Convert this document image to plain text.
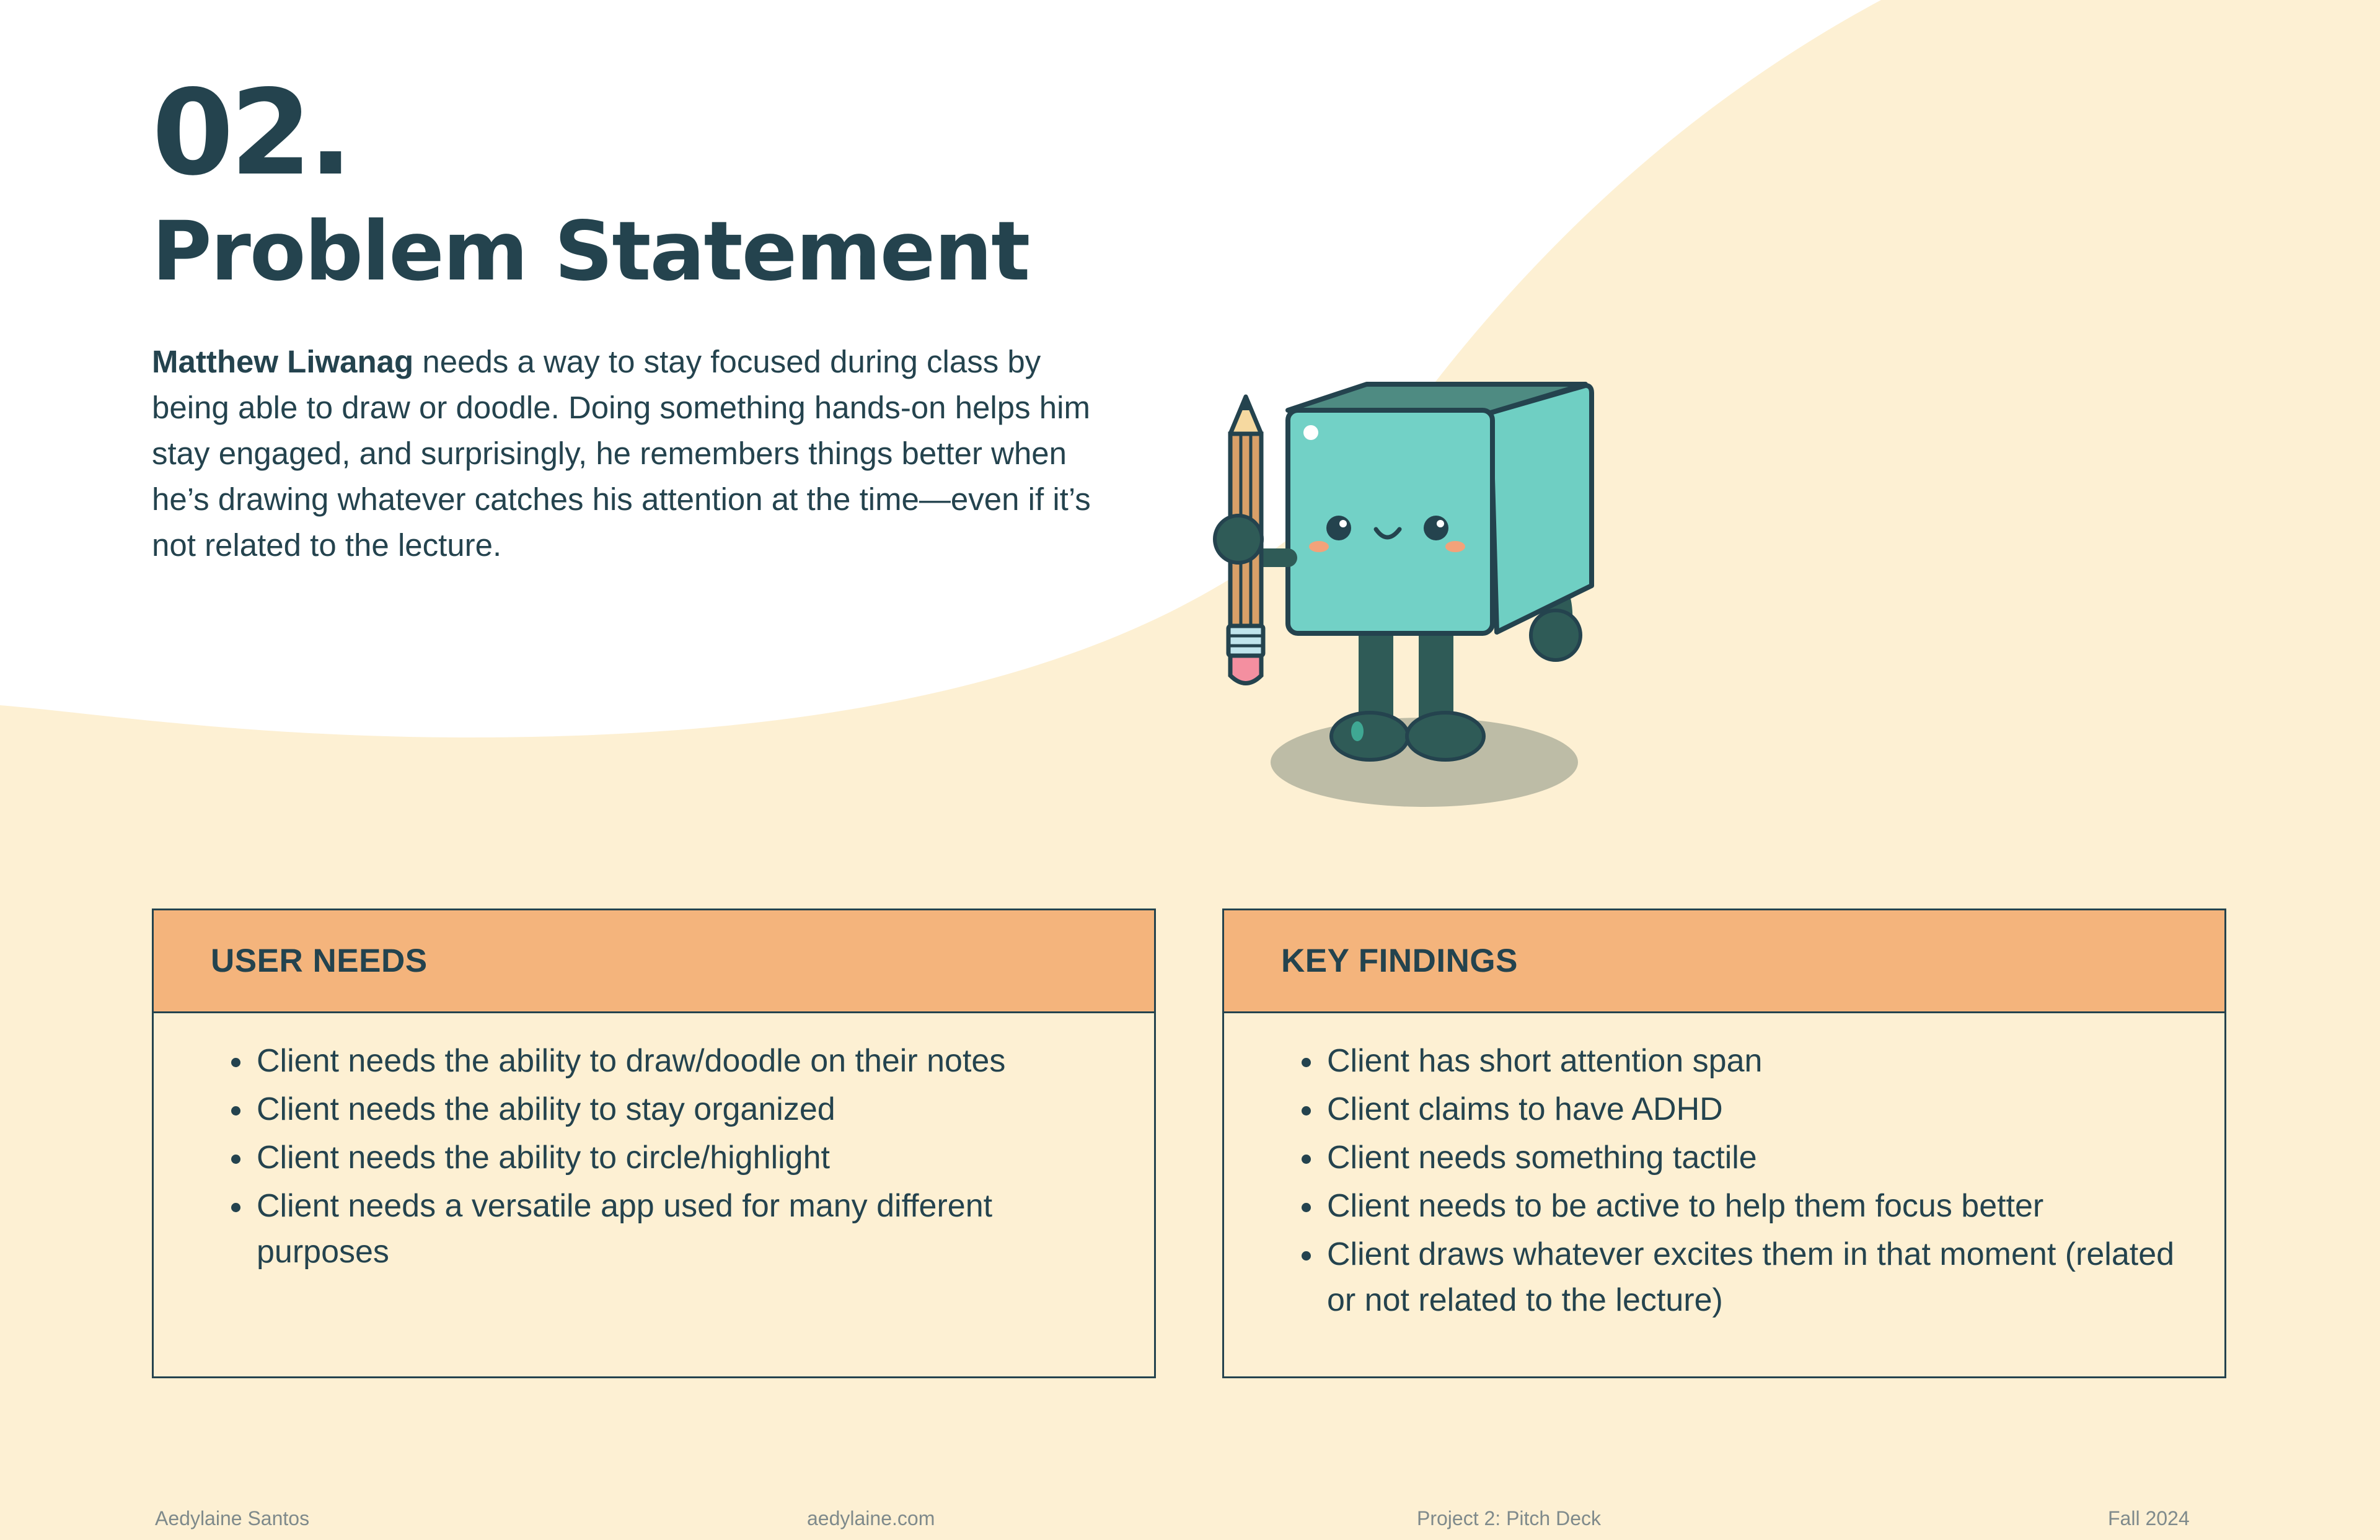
02.
Problem Statement

Matthew Liwanag needs a way to stay focused during class by being able to draw or doodle. Doing something hands-on helps him stay engaged, and surprisingly, he remembers things better when he’s drawing whatever catches his attention at the time—even if it’s not related to the lecture.

USER NEEDS
• Client needs the ability to draw/doodle on their notes
• Client needs the ability to stay organized
• Client needs the ability to circle/highlight
• Client needs a versatile app used for many different purposes
KEY FINDINGS
• Client has short attention span
• Client claims to have ADHD
• Client needs something tactile
• Client needs to be active to help them focus better
• Client draws whatever excites them in that moment (related or not related to the lecture)

Aedylaine Santos	aedylaine.com	Project 2: Pitch Deck	Fall 2024
